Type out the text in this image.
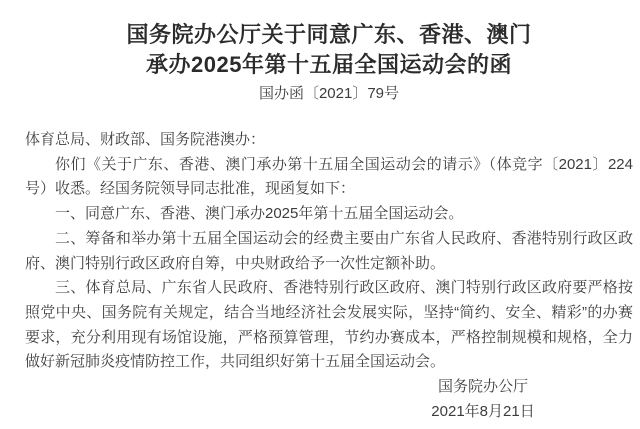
国务院办公厅关于同意广东、香港、澳门
承办2025年第十五届全国运动会的函
国办函〔2021〕79号

体育总局、财政部、国务院港澳办：

你们《关于广东、香港、澳门承办第十五届全国运动会的请示》（体竞字〔2021〕224号）收悉。经国务院领导同志批准，现函复如下：

一、同意广东、香港、澳门承办2025年第十五届全国运动会。

二、筹备和举办第十五届全国运动会的经费主要由广东省人民政府、香港特别行政区政府、澳门特别行政区政府自筹，中央财政给予一次性定额补助。

三、体育总局、广东省人民政府、香港特别行政区政府、澳门特别行政区政府要严格按照党中央、国务院有关规定，结合当地经济社会发展实际，坚持“简约、安全、精彩”的办赛要求，充分利用现有场馆设施，严格预算管理，节约办赛成本，严格控制规模和规格，全力做好新冠肺炎疫情防控工作，共同组织好第十五届全国运动会。

国务院办公厅
2021年8月21日
